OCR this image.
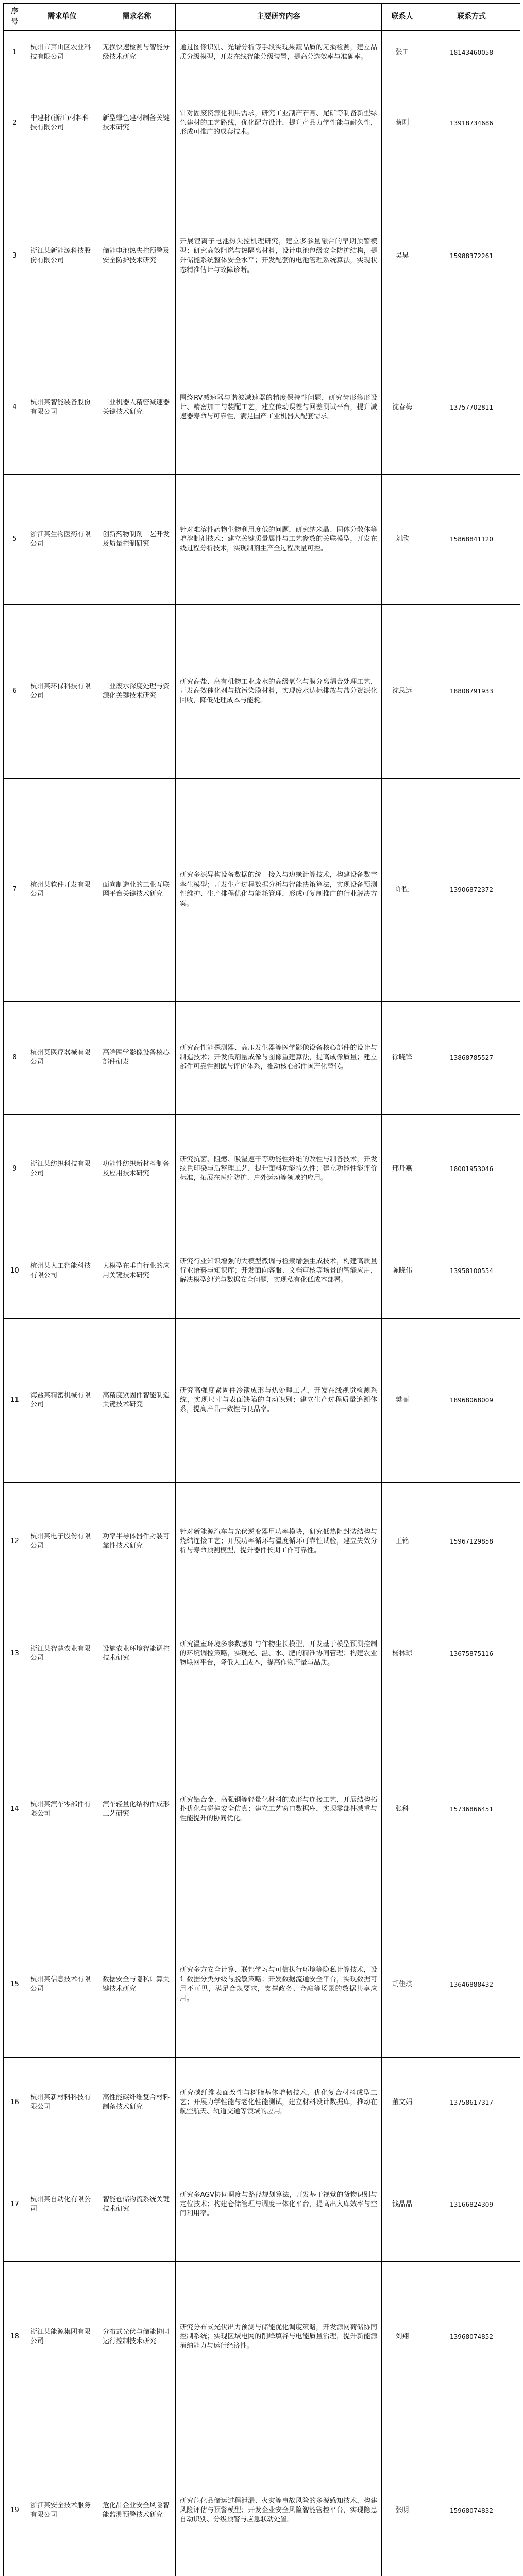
序号	需求单位	需求名称	主要研究内容	联系人	联系方式
1	杭州市萧山区农业科技有限公司	无损快速检测与智能分级技术研究	通过图像识别、光谱分析等手段实现果蔬品质的无损检测，建立品质分级模型，开发在线智能分级装置，提高分选效率与准确率。	张工	18143460058
2	中建材(浙江)材料科技有限公司	新型绿色建材制备关键技术研究	针对固废资源化利用需求，研究工业副产石膏、尾矿等制备新型绿色建材的工艺路线，优化配方设计，提升产品力学性能与耐久性，形成可推广的成套技术。	蔡刚	13918734686
3	浙江某新能源科技股份有限公司	储能电池热失控预警及安全防护技术研究	开展锂离子电池热失控机理研究，建立多参量融合的早期预警模型；研究高效阻燃与热隔离材料，设计电池包级安全防护结构，提升储能系统整体安全水平；开发配套的电池管理系统算法，实现状态精准估计与故障诊断。	吴昊	15988372261
4	杭州某智能装备股份有限公司	工业机器人精密减速器关键技术研究	围绕RV减速器与谐波减速器的精度保持性问题，研究齿形修形设计、精密加工与装配工艺，建立传动误差与回差测试平台，提升减速器寿命与可靠性，满足国产工业机器人配套需求。	沈春梅	13757702811
5	浙江某生物医药有限公司	创新药物制剂工艺开发及质量控制研究	针对难溶性药物生物利用度低的问题，研究纳米晶、固体分散体等增溶制剂技术；建立关键质量属性与工艺参数的关联模型，开发在线过程分析技术，实现制剂生产全过程质量可控。	刘欣	15868841120
6	杭州某环保科技有限公司	工业废水深度处理与资源化关键技术研究	研究高盐、高有机物工业废水的高级氧化与膜分离耦合处理工艺，开发高效催化剂与抗污染膜材料，实现废水达标排放与盐分资源化回收，降低处理成本与能耗。	沈思远	18808791933
7	杭州某软件开发有限公司	面向制造业的工业互联网平台关键技术研究	研究多源异构设备数据的统一接入与边缘计算技术，构建设备数字孪生模型；开发生产过程数据分析与智能决策算法，实现设备预测性维护、生产排程优化与能耗管理，形成可复制推广的行业解决方案。	许程	13906872372
8	杭州某医疗器械有限公司	高端医学影像设备核心部件研发	研究高性能探测器、高压发生器等医学影像设备核心部件的设计与制造技术；开发低剂量成像与图像重建算法，提高成像质量；建立部件可靠性测试与评价体系，推动核心部件国产化替代。	徐晓锋	13868785527
9	浙江某纺织科技有限公司	功能性纺织新材料制备及应用技术研究	研究抗菌、阻燃、吸湿速干等功能性纤维的改性与制备技术，开发绿色印染与后整理工艺，提升面料功能持久性；建立功能性能评价标准，拓展在医疗防护、户外运动等领域的应用。	邢丹燕	18001953046
10	杭州某人工智能科技有限公司	大模型在垂直行业的应用关键技术研究	研究行业知识增强的大模型微调与检索增强生成技术，构建高质量行业语料与知识库；开发面向客服、文档审核等场景的智能应用，解决模型幻觉与数据安全问题，实现私有化低成本部署。	陈晓伟	13958100554
11	海盐某精密机械有限公司	高精度紧固件智能制造关键技术研究	研究高强度紧固件冷镦成形与热处理工艺，开发在线视觉检测系统，实现尺寸与表面缺陷的自动识别；建立生产过程质量追溯体系，提高产品一致性与良品率。	樊丽	18968068009
12	杭州某电子股份有限公司	功率半导体器件封装可靠性技术研究	针对新能源汽车与光伏逆变器用功率模块，研究低热阻封装结构与烧结连接工艺；开展功率循环与温度循环可靠性试验，建立失效分析与寿命预测模型，提升器件长期工作可靠性。	王铭	15967129858
13	浙江某智慧农业有限公司	设施农业环境智能调控技术研究	研究温室环境多参数感知与作物生长模型，开发基于模型预测控制的环境调控策略，实现光、温、水、肥的精准协同管理；构建农业物联网平台，降低人工成本，提高作物产量与品质。	杨林琼	13675875116
14	杭州某汽车零部件有限公司	汽车轻量化结构件成形工艺研究	研究铝合金、高强钢等轻量化材料的成形与连接工艺，开展结构拓扑优化与碰撞安全仿真；建立工艺窗口数据库，实现零部件减重与性能提升的协同优化。	张科	15736866451
15	杭州某信息技术有限公司	数据安全与隐私计算关键技术研究	研究多方安全计算、联邦学习与可信执行环境等隐私计算技术，设计数据分类分级与脱敏策略；开发数据流通安全平台，实现数据可用不可见，满足合规要求，支撑政务、金融等场景的数据共享应用。	胡佳琪	13646888432
16	杭州某新材料科技有限公司	高性能碳纤维复合材料制备技术研究	研究碳纤维表面改性与树脂基体增韧技术，优化复合材料成型工艺；开展力学性能与老化性能测试，建立材料设计数据库，推动在航空航天、轨道交通等领域的应用。	董文娟	13758617317
17	杭州某自动化有限公司	智能仓储物流系统关键技术研究	研究多AGV协同调度与路径规划算法，开发基于视觉的货物识别与定位技术；构建仓储管理与调度一体化平台，提高出入库效率与空间利用率。	钱晶晶	13166824309
18	浙江某能源集团有限公司	分布式光伏与储能协同运行控制技术研究	研究分布式光伏出力预测与储能优化调度策略，开发源网荷储协同控制系统；实现区域电网的削峰填谷与电能质量治理，提升新能源消纳能力与运行经济性。	刘翔	13968074852
19	浙江某安全技术服务有限公司	危化品企业安全风险智能监测预警技术研究	研究危化品储运过程泄漏、火灾等事故风险的多源感知技术，构建风险评估与预警模型；开发企业安全风险智能管控平台，实现隐患自动识别、分级预警与应急联动处置。	张明	15968074832
